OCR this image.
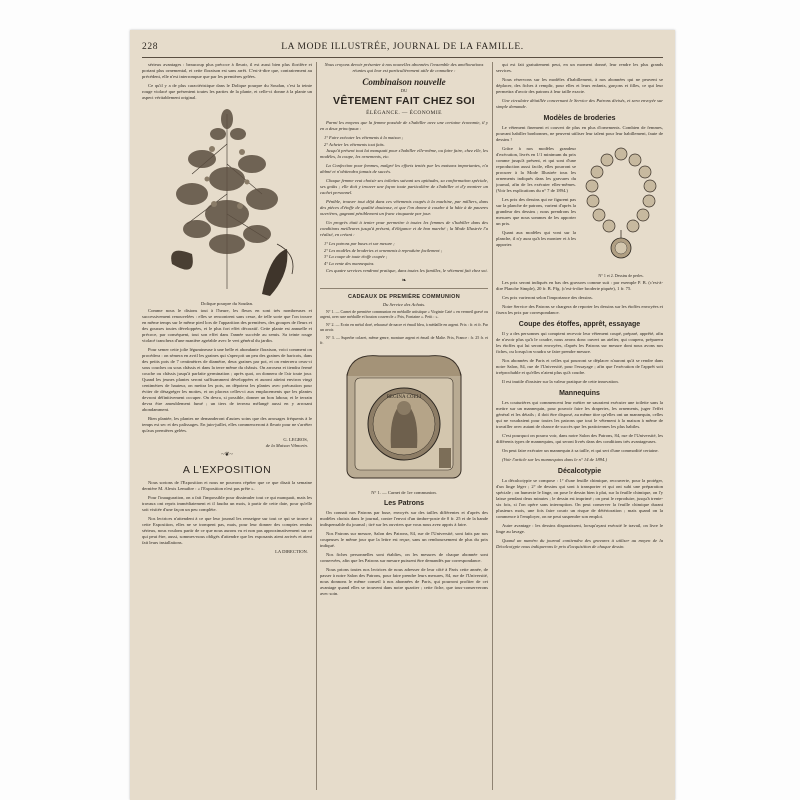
228	LA MODE ILLUSTRÉE, JOURNAL DE LA FAMILLE.

sérieux avantages : beaucoup plus précoce à fleurir, il est aussi bien plus florifère et portant plus ornemental, et cette floraison est sans arrêt. C'est-à-dire que, contrairement au précédent, elle n'est interrompue que par les premières gelées.

Ce qu'il y a de plus caractéristique dans le Dolique pourpre du Soudan, c'est la teinte rouge violacé que présentent toutes les parties de la plante, et celle-ci donne à la plante un aspect véritablement original.

Dolique pourpre du Soudan.

Comme nous le disions tout à l'heure, les fleurs en sont très nombreuses et successivement renouvelées : elles se rencontrent sans cesse, de telle sorte que l'on trouve en même temps sur le même pied lors de l'apparition des premières, des groupes de fleurs et des gousses toutes développées, et le plus fort effet décoratif. Cette plante est annuelle et précoce, par conséquent, tout son effet dans l'année succède au semis. Sa teinte rouge violacé tranchera d'une manière agréable avec le vert général du jardin.

Pour semer cette jolie légumineuse à une belle et abondante floraison, voici comment on procédera : on sèmera en avril les graines qui s'aperçoit un peu des graines de haricots, dans des petits pots de 7 centimètres de diamètre, deux graines par pot, et on enterrera ceux-ci sous couches ou sous châssis et dans la terre même du châssis. On arrosera et tiendra fermé couche ou châssis jusqu'à parfaite germination ; après quoi, on donnera de l'air toute jour. Quand les jeunes plantes seront suffisamment développées et auront atteint environ vingt centimètres de hauteur, on mettra les pots, on dépotera les plantes avec précaution pour éviter de désagréger les mottes, et on placera celles-ci aux emplacements que les plantes devront définitivement occuper. On devra, si possible, donner un bon labour, et le terrain devra être ameublement fumé ; un tiers de terreau mélangé aussi en y arrosant abondamment.

Bien plantée, les plantes ne demanderont d'autres soins que des arrosages fréquents à le temps est sec et des palissages. En juin-juillet, elles commenceront à fleurir pour ne s'arrêter qu'aux premières gelées.

G. LEGROS,

de la Maison Vilmorin.

~❦~
A L'EXPOSITION

Nous sortons de l'Exposition et nous ne pouvons répéter que ce que disait la semaine dernière M. Alexis Lemaître : « l'Exposition n'est pas prête ».

Pour l'inauguration, on a fait l'impossible pour dissimuler tout ce qui manquait, mais les travaux ont repris immédiatement et il faudra un mois, à partir de cette date, pour qu'elle soit visitée d'une façon un peu complète.

Nos lectrices n'attendent à ce que leur journal les renseigne sur tout ce qui se trouve à cette Exposition, elles ne se trompent pas, mais, pour leur donner des comptes rendus sérieux, nous voulons partir de ce que nous aurons vu et non pas approximativement sur ce qui peut être, aussi, sommes-nous obligés d'attendre que les exposants aient arrivés et aient fait leurs installations.

LA DIRECTION.

Nous croyons devoir présenter à nos nouvelles abonnées l'ensemble des améliorations réunies qui leur est particulièrement utile de connaître :

Combinaison nouvelle
DU
VÊTEMENT FAIT CHEZ SOI
ÉLÉGANCE. — ÉCONOMIE

Parmi les moyens que la femme possède de s'habiller avec une certaine économie, il y en a deux principaux :

1° Faire exécuter les vêtements à la maison ;
2° Acheter les vêtements tout faits.

Jusqu'à présent tout lui manquait pour s'habiller elle-même, ou faire faire, chez elle, les modèles, la coupe, les ornements, etc.

La Confection pour femmes, malgré les efforts tentés par les maisons importantes, n'a abîmé et n'obtiendra jamais de succès.

Chaque femme veut choisir ses toilettes suivant ses aptitudes, sa conformation spéciale, ses goûts ; elle doit y trouver une façon toute particulière de s'habiller et d'y montrer un cachet personnel.

Pénible, trouver tout déjà dans ces vêtements coupés à la machine, par milliers, dans des pièces d'étoffe de qualité douteuse, et que l'on donne à coudre à la hâte à de pauvres ouvrières, gagnant péniblement un franc cinquante par jour.

Un progrès était à tenter pour permettre à toutes les femmes de s'habiller dans des conditions meilleures jusqu'à présent, d'élégance et de bon marché ; la Mode Illustrée l'a réalisé, en créant :

1° Les patrons par buses et sur mesure ;
2° Les modèles de broderies et ornements à reproduire facilement ;
3° La coupe de toute étoffe coupée ;
4° La vente des mannequins.

Ces quatre services rendront pratique, dans toutes les familles, le vêtement fait chez soi.

❧
CADEAUX DE PREMIÈRE COMMUNION

Du Service des Achats.

N° 1. — Carnet de première communion en médaille artistique « Virginie Caté » en vermeil gravé ou argent, avec une médaille et bouton couvercle « Prix, Fontaine ». Petit : ».

N° 2. — Ecrin en métal doré, rehaussé de nacre et émail bleu, à médaille en argent. Prix : fr. et fr. Par un avoir.

N° 3. — Superbe colaret, même genre, monture argent et émail de Malte. Prix, France : fr. 25 fr. et fr.

REGINA COELI

N° 1. — Carnet de 1re communion.

Les Patrons

On connait nos Patrons par buse, envoyés sur des tailles différentes et d'après des modèles choisis dans le journal, contre l'envoi d'un timbre-poste de 0 fr. 25 et de la bande indispensable du journal ; tiré sur les ouvriers que vous nous avez appris à faire.

Nos Patrons sur mesure, Salon des Patrons, 84, rue de l'Université, sont faits par nos coupeuses le même jour que la lettre est reçue, sans un remboursement de plus du prix indiqué.

Nos fiches personnelles sont établies, on les mesures de chaque abonnée sont conservées, afin que les Patrons sur mesure puissent être demandés par correspondance.

Nous prions toutes nos lectrices de nous adresser de leur côté à Paris cette année, de passer à notre Salon des Patrons, pour faire prendre leurs mesures, 84, rue de l'Université, nous donnons le même conseil à nos abonnées de Paris, qui pourront profiter de cet avantage quand elles se trouvent dans notre quartier ; cette fiche, que tous-conserverons avec soin.

qui est fait gratuitement peut, en un moment donné, leur rendre les plus grands services.

Nous réservons sur les modèles d'habillement, à nos abonnées qui ne peuvent se déplacer, des fiches à remplir, pour elles et leurs enfants, garçons et filles, ce qui leur permettra d'avoir des patrons à leur taille exacte.

Une circulaire détaillée concernant le Service des Patrons divisés, et sera envoyée sur simple demande.

Modèles de broderies

Le vêtement finement et couvert de plus en plus d'ornements. Combien de femmes, pouvant habiller bonbonnes, ne peuvent utiliser leur talent pour leur habillement, faute de dessins !

Grâce à nos modèles grandeur d'exécution, livrés en 1/1 minimum du prix comme jusqu'à présent, et qui sont d'une reproduction aussi facile, elles pourront se procurer à la Mode Illustrée tous les ornements indiqués dans les gravures du journal, afin de les exécuter elles-mêmes. (Voir les explications du n° 7 de 1894.)

Les prix des dessins qui ne figurent pas sur la planche de patrons, varient d'après la grandeur des dessins ; nous prendrons les mesures que nous sommes de les apporter un prix.

Quant aux modèles qui vont sur la planche, il n'y aura qu'à les montrer et à les apporter.

N° 1 et 2. Dessins de perles.

Les prix seront indiqués en bas des gravures comme suit : par exemple P. B. (c'est-à-dire Planche Simple), 20 fr. B. Pfg. (c'est-à-dire broderie piquée), 1 fr. 75.

Ces prix varieront selon l'importance des dessins.

Notre Service des Patrons se chargera de reporter les dessins sur les étoffes envoyées et fixera les prix par correspondance.

Coupe des étoffes, apprêt, essayage

Il y a des personnes qui comptent recevoir leur vêtement coupé, préparé, apprêté, afin de n'avoir plus qu'à le coudre, nous avons donc ouvert un atelier, qui coupera, préparera les étoffes qui lui seront envoyées, d'après les Patrons sur mesure dont nous avons nos fiches, ou lorsqu'on voudra se faire prendre mesure.

Nos abonnées de Paris et celles qui pourront se déplacer n'auront qu'à se rendre dans notre Salon, 84, rue de l'Université, pour l'essayage ; afin que l'exécution de l'apprêt soit irréprochable et qu'elles n'aient plus qu'à coudre.

Il est inutile d'insister sur la valeur pratique de cette innovation.

Mannequins

Les couturières qui commencent leur métier ne sauraient exécuter une toilette sans la mettre sur un mannequin, pour pouvoir faire les draperies, les ornements, juger l'effet général et les détails ; il doit être disposé, au même titre qu'elles ont un mannequin, celles qui ne voudraient pour toutes les patrons que tout le vêtement à la maison à même de travailler avec autant de chance de succès que les praticiennes les plus habiles.

C'est pourquoi on pourra voir, dans notre Salon des Patrons, 84, rue de l'Université, les différents types de mannequins, qui seront livrés dans des conditions très avantageuses.

On peut faire exécuter un mannequin à sa taille, et qui sert d'une commodité certaine.

(Voir l'article sur les mannequins dans le n° 14 de 1894.)

Décalcotypie

La décalcotypie se compose : 1° d'une feuille chimique, recouverte, pour la protéger, d'un linge léger ; 2° de dessins qui sont à transporter et qui ont subi une préparation spéciale ; on humecte le linge, on pose le dessin bien à plat, sur la feuille chimique, on l'y laisse pendant deux minutes ; le dessin est imprimé ; on peut le reproduire, jusqu'à trente-six fois, si l'on opère sans interruption. On peut conserver la feuille chimique durant plusieurs mois, une fois faire courir un risque de détérioration ; mais quand on la commence à l'employer, on ne peut suspendre son emploi.

Autre avantage : les dessins disparaissent, lorsqu'ayant exécuté le travail, on livre le linge au lavage.

Quand un numéro du journal contiendra des gravures à utiliser au moyen de la Décalcotypie nous indiquerons le prix d'acquisition de chaque dessin.
